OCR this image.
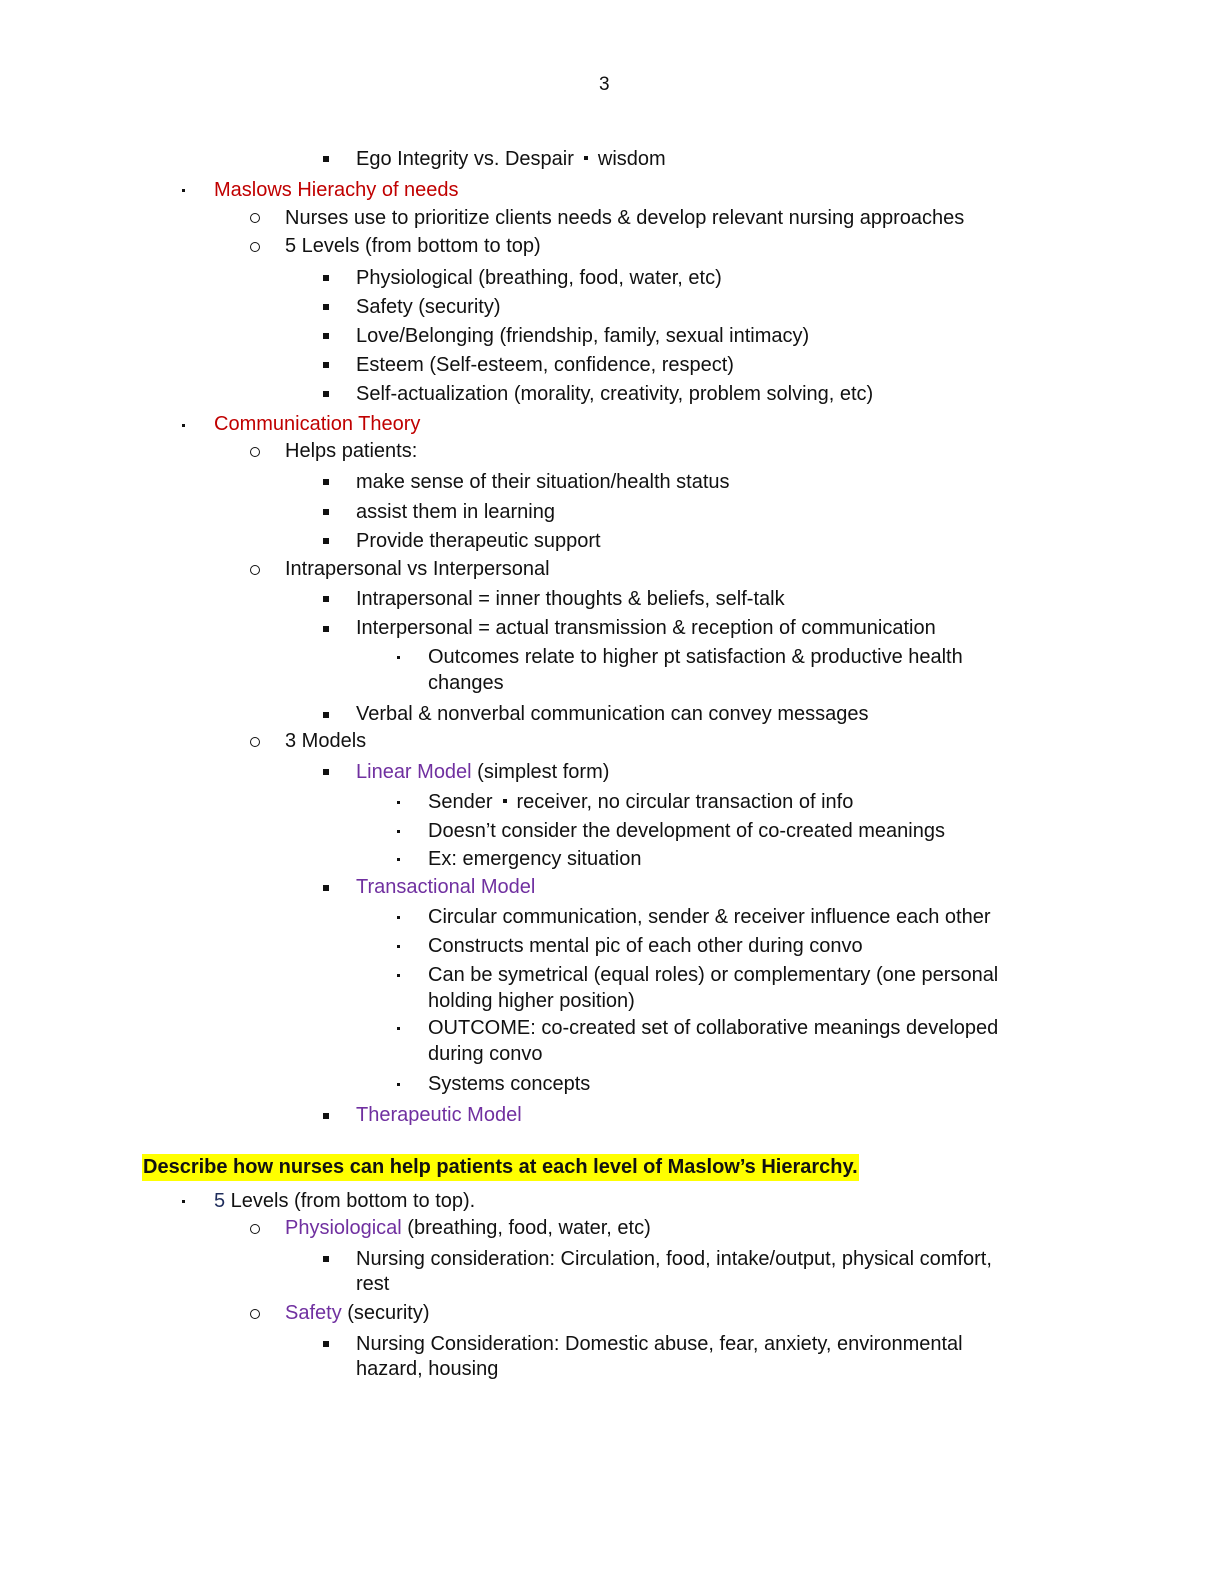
3
Ego Integrity vs. Despair wisdom
Maslows Hierachy of needs
Nurses use to prioritize clients needs & develop relevant nursing approaches
5 Levels (from bottom to top)
Physiological (breathing, food, water, etc)
Safety (security)
Love/Belonging (friendship, family, sexual intimacy)
Esteem (Self-esteem, confidence, respect)
Self-actualization (morality, creativity, problem solving, etc)
Communication Theory
Helps patients:
make sense of their situation/health status
assist them in learning
Provide therapeutic support
Intrapersonal vs Interpersonal
Intrapersonal = inner thoughts & beliefs, self-talk
Interpersonal = actual transmission & reception of communication
Outcomes relate to higher pt satisfaction & productive health
changes
Verbal & nonverbal communication can convey messages
3 Models
Linear Model (simplest form)
Sender receiver, no circular transaction of info
Doesn’t consider the development of co-created meanings
Ex: emergency situation
Transactional Model
Circular communication, sender & receiver influence each other
Constructs mental pic of each other during convo
Can be symetrical (equal roles) or complementary (one personal
holding higher position)
OUTCOME: co-created set of collaborative meanings developed
during convo
Systems concepts
Therapeutic Model
Describe how nurses can help patients at each level of Maslow’s Hierarchy.
5 Levels (from bottom to top).
Physiological (breathing, food, water, etc)
Nursing consideration: Circulation, food, intake/output, physical comfort,
rest
Safety (security)
Nursing Consideration: Domestic abuse, fear, anxiety, environmental
hazard, housing
